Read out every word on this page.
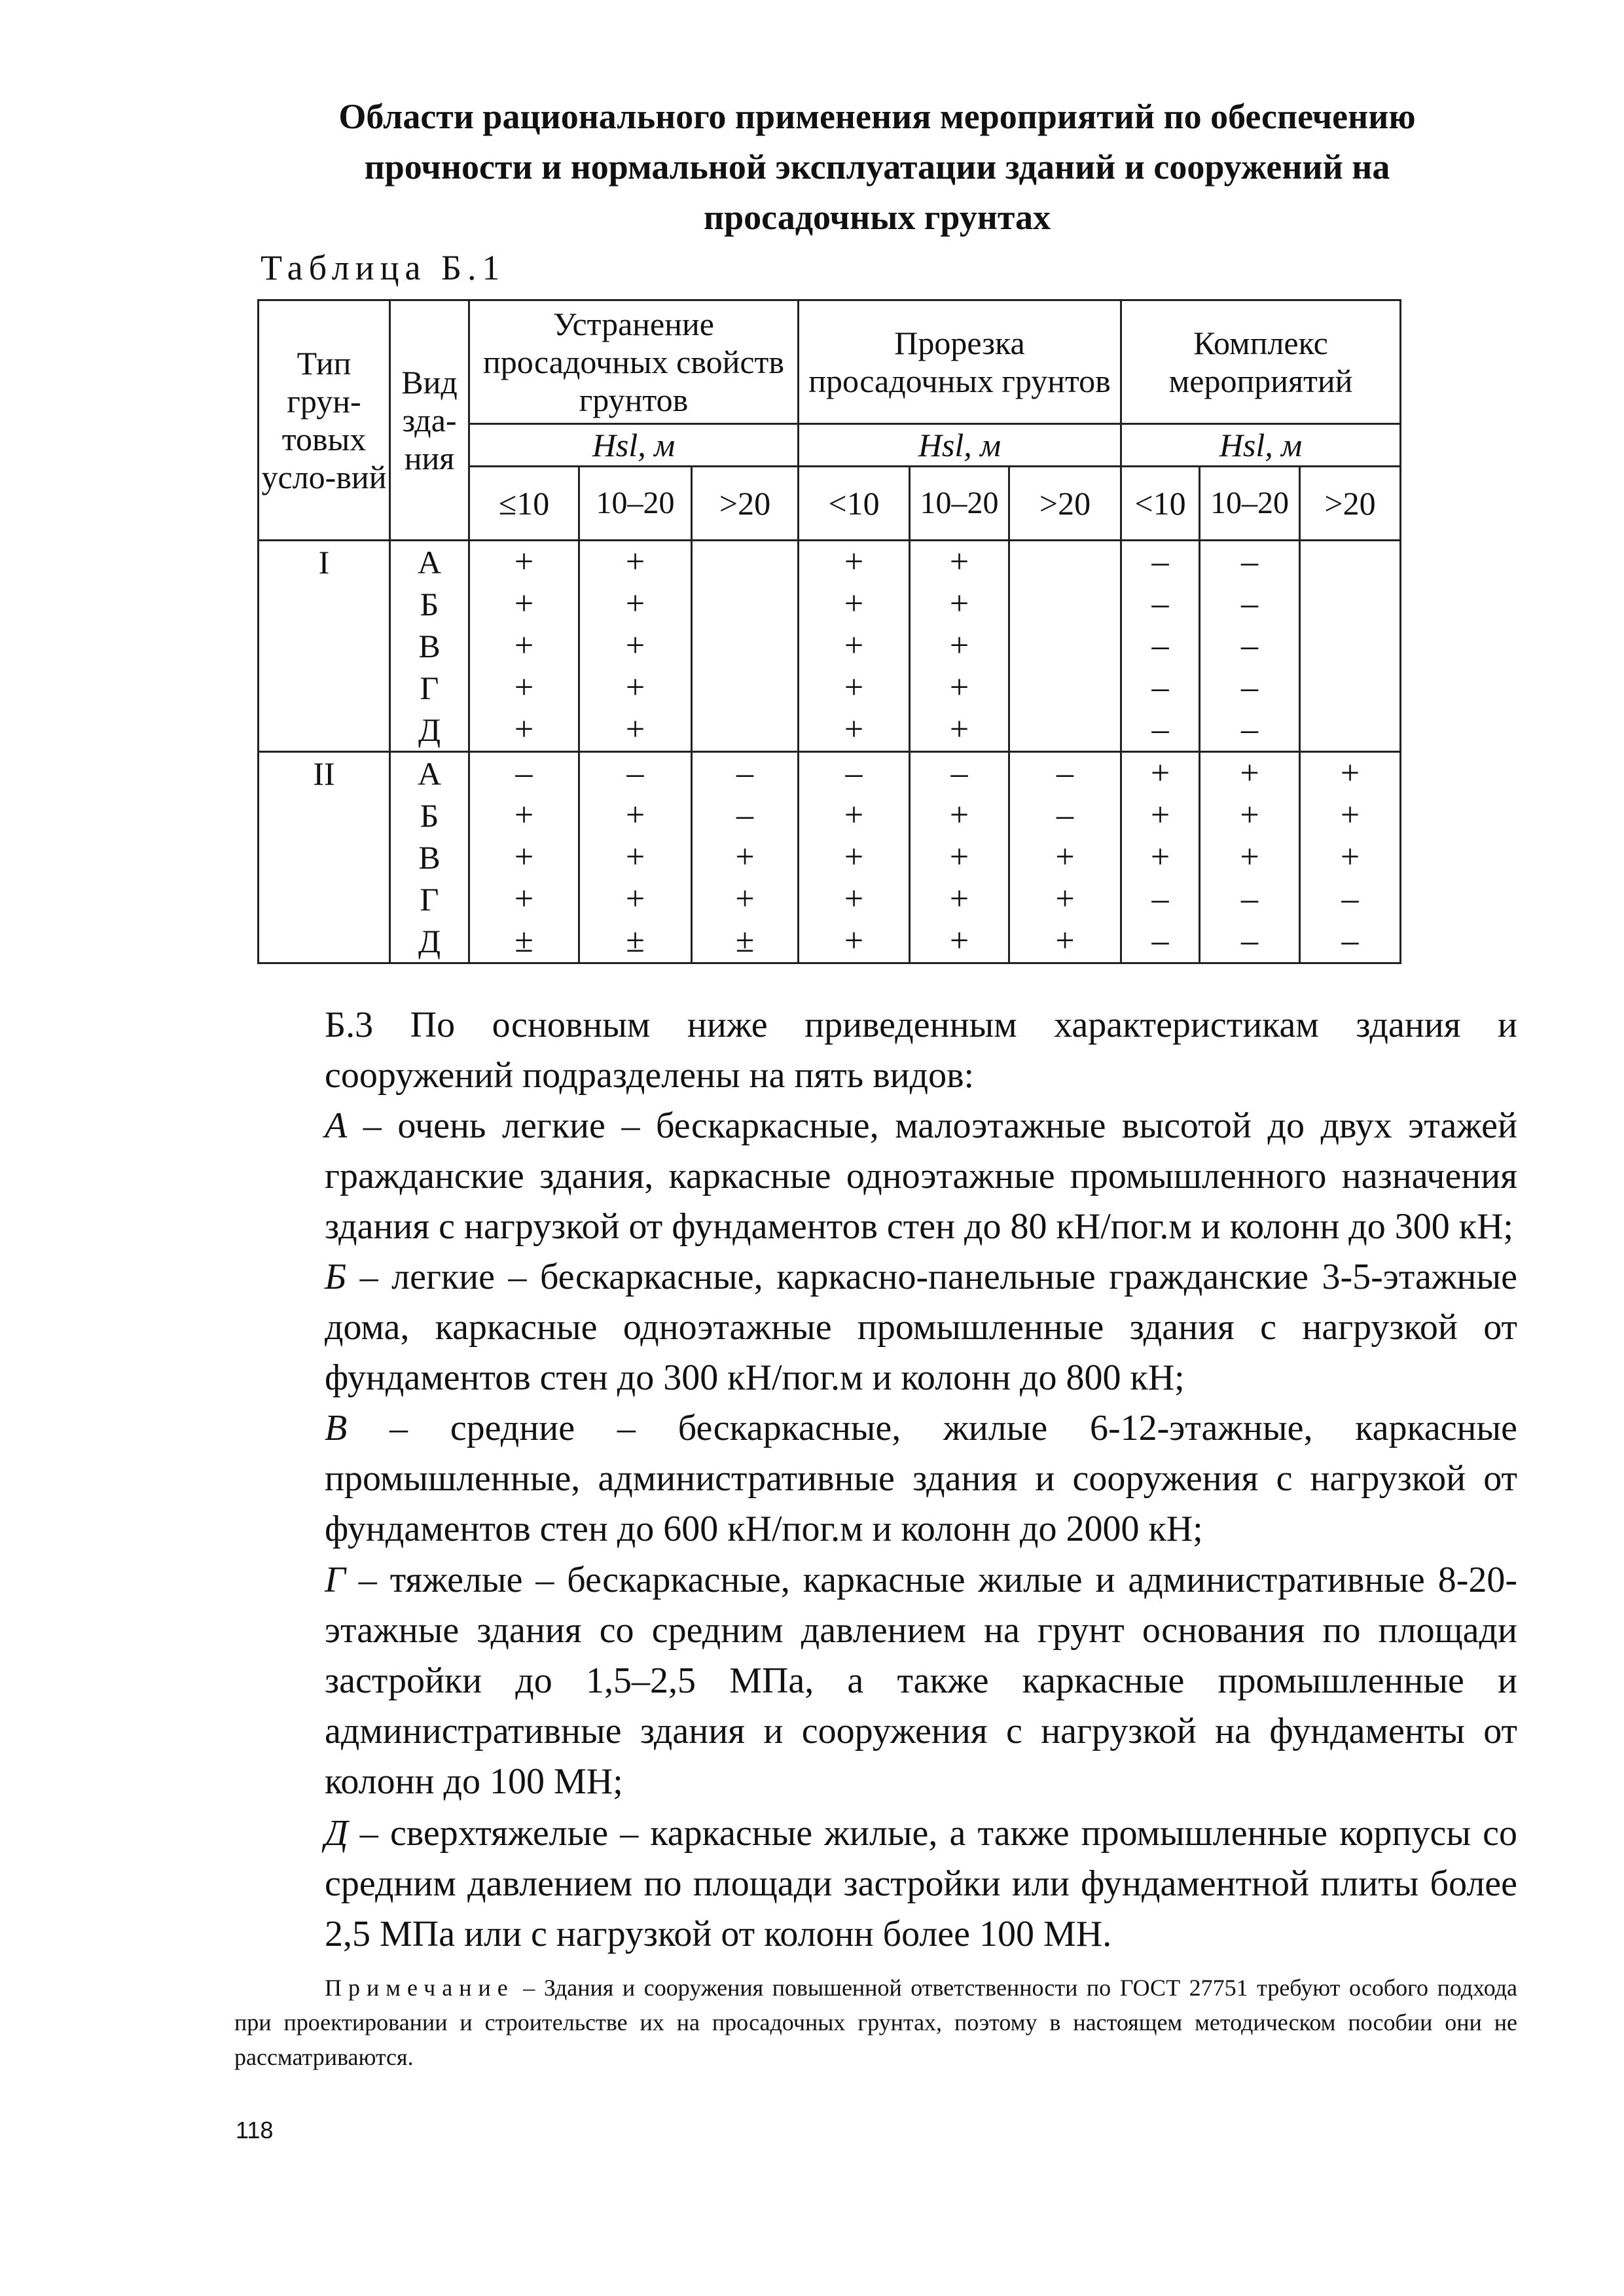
Области рационального применения мероприятий по обеспечению
прочности и нормальной эксплуатации зданий и сооружений на
просадочных грунтах
Таблица Б.1
Тип грун-товых усло-вий	Вид зда-ния	Устранение просадочных свойств грунтов			Прорезка просадочных грунтов			Комплекс мероприятий		
		Hsl, м			Hsl, м			Hsl, м		
		≤10	10–20	>20	<10	10–20	>20	<10	10–20	>20
I	А	+	+		+	+		–	–	
	Б	+	+		+	+		–	–	
	В	+	+		+	+		–	–	
	Г	+	+		+	+		–	–	
	Д	+	+		+	+		–	–	
II	А	–	–	–	–	–	–	+	+	+
	Б	+	+	–	+	+	–	+	+	+
	В	+	+	+	+	+	+	+	+	+
	Г	+	+	+	+	+	+	–	–	–
	Д	±	±	±	+	+	+	–	–	–
Б.3 По основным ниже приведенным характеристикам здания и сооружений подразделены на пять видов:
А – очень легкие – бескаркасные, малоэтажные высотой до двух этажей гражданские здания, каркасные одноэтажные промышленного назначения здания с нагрузкой от фундаментов стен до 80 кН/пог.м и колонн до 300 кН;
Б – легкие – бескаркасные, каркасно-панельные гражданские 3-5-этажные дома, каркасные одноэтажные промышленные здания с нагрузкой от фундаментов стен до 300 кН/пог.м и колонн до 800 кН;
В – средние – бескаркасные, жилые 6-12-этажные, каркасные промышленные, административные здания и сооружения с нагрузкой от фундаментов стен до 600 кН/пог.м и колонн до 2000 кН;
Г – тяжелые – бескаркасные, каркасные жилые и административные 8-20-этажные здания со средним давлением на грунт основания по площади застройки до 1,5–2,5 МПа, а также каркасные промышленные и административные здания и сооружения с нагрузкой на фундаменты от колонн до 100 МН;
Д – сверхтяжелые – каркасные жилые, а также промышленные корпусы со средним давлением по площади застройки или фундаментной плиты более 2,5 МПа или с нагрузкой от колонн более 100 МН.
Примечание – Здания и сооружения повышенной ответственности по ГОСТ 27751 требуют особого подхода при проектировании и строительстве их на просадочных грунтах, поэтому в настоящем методическом пособии они не рассматриваются.
118
